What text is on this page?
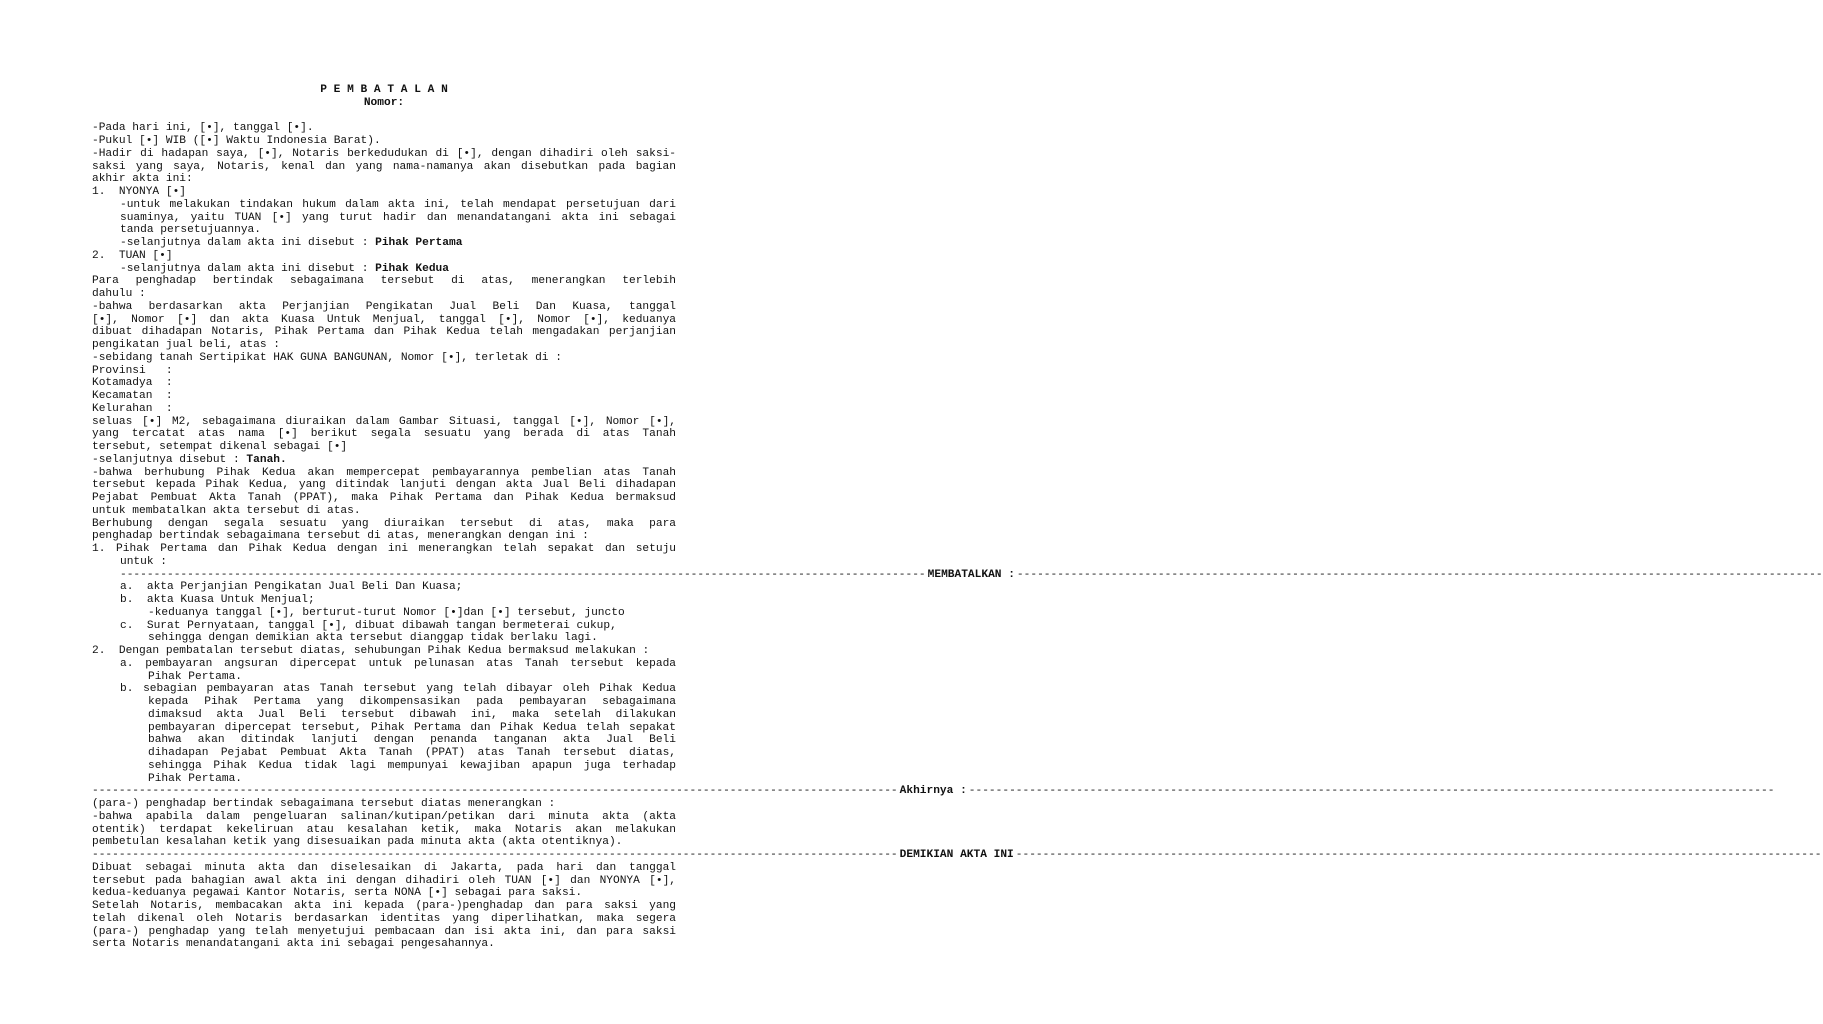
P E M B A T A L A N
Nomor:
-Pada hari ini, [•], tanggal [•].
-Pukul [•] WIB ([•] Waktu Indonesia Barat).
-Hadir di hadapan saya, [•], Notaris berkedudukan di [•], dengan dihadiri oleh saksi-
saksi yang saya, Notaris, kenal dan yang nama-namanya akan disebutkan pada bagian
akhir akta ini:
1.  NYONYA [•]
-untuk melakukan tindakan hukum dalam akta ini, telah mendapat persetujuan dari
suaminya, yaitu TUAN [•] yang turut hadir dan menandatangani akta ini sebagai
tanda persetujuannya.
-selanjutnya dalam akta ini disebut : Pihak Pertama
2.  TUAN [•]
-selanjutnya dalam akta ini disebut : Pihak Kedua
Para penghadap bertindak sebagaimana tersebut di atas, menerangkan terlebih
dahulu :
-bahwa berdasarkan akta Perjanjian Pengikatan Jual Beli Dan Kuasa, tanggal
[•], Nomor [•] dan akta Kuasa Untuk Menjual, tanggal [•], Nomor [•], keduanya
dibuat dihadapan Notaris, Pihak Pertama dan Pihak Kedua telah mengadakan perjanjian
pengikatan jual beli, atas :
-sebidang tanah Sertipikat HAK GUNA BANGUNAN, Nomor [•], terletak di :
Provinsi   :
Kotamadya  :
Kecamatan  :
Kelurahan  :
seluas [•] M2, sebagaimana diuraikan dalam Gambar Situasi, tanggal [•], Nomor [•],
yang tercatat atas nama [•] berikut segala sesuatu yang berada di atas Tanah
tersebut, setempat dikenal sebagai [•]
-selanjutnya disebut : Tanah.
-bahwa berhubung Pihak Kedua akan mempercepat pembayarannya pembelian atas Tanah
tersebut kepada Pihak Kedua, yang ditindak lanjuti dengan akta Jual Beli dihadapan
Pejabat Pembuat Akta Tanah (PPAT), maka Pihak Pertama dan Pihak Kedua bermaksud
untuk membatalkan akta tersebut di atas.
Berhubung dengan segala sesuatu yang diuraikan tersebut di atas, maka para
penghadap bertindak sebagaimana tersebut di atas, menerangkan dengan ini :
1. Pihak Pertama dan Pihak Kedua dengan ini menerangkan telah sepakat dan setuju
untuk :
------------------------------------------------------------------------------------------------------------------------ MEMBATALKAN : ------------------------------------------------------------------------------------------------------------------------
a.  akta Perjanjian Pengikatan Jual Beli Dan Kuasa;
b.  akta Kuasa Untuk Menjual;
-keduanya tanggal [•], berturut-turut Nomor [•]dan [•] tersebut, juncto
c.  Surat Pernyataan, tanggal [•], dibuat dibawah tangan bermeterai cukup,
sehingga dengan demikian akta tersebut dianggap tidak berlaku lagi.
2.  Dengan pembatalan tersebut diatas, sehubungan Pihak Kedua bermaksud melakukan :
a. pembayaran angsuran dipercepat untuk pelunasan atas Tanah tersebut kepada
Pihak Pertama.
b. sebagian pembayaran atas Tanah tersebut yang telah dibayar oleh Pihak Kedua
kepada Pihak Pertama yang dikompensasikan pada pembayaran sebagaimana
dimaksud akta Jual Beli tersebut dibawah ini, maka setelah dilakukan
pembayaran dipercepat tersebut, Pihak Pertama dan Pihak Kedua telah sepakat
bahwa akan ditindak lanjuti dengan penanda tanganan akta Jual Beli
dihadapan Pejabat Pembuat Akta Tanah (PPAT) atas Tanah tersebut diatas,
sehingga Pihak Kedua tidak lagi mempunyai kewajiban apapun juga terhadap
Pihak Pertama.
------------------------------------------------------------------------------------------------------------------------ Akhirnya : ------------------------------------------------------------------------------------------------------------------------
(para-) penghadap bertindak sebagaimana tersebut diatas menerangkan :
-bahwa apabila dalam pengeluaran salinan/kutipan/petikan dari minuta akta (akta
otentik) terdapat kekeliruan atau kesalahan ketik, maka Notaris akan melakukan
pembetulan kesalahan ketik yang disesuaikan pada minuta akta (akta otentiknya).
------------------------------------------------------------------------------------------------------------------------ DEMIKIAN AKTA INI ------------------------------------------------------------------------------------------------------------------------
Dibuat sebagai minuta akta dan diselesaikan di Jakarta, pada hari dan tanggal
tersebut pada bahagian awal akta ini dengan dihadiri oleh TUAN [•] dan NYONYA [•],
kedua-keduanya pegawai Kantor Notaris, serta NONA [•] sebagai para saksi.
Setelah Notaris, membacakan akta ini kepada (para-)penghadap dan para saksi yang
telah dikenal oleh Notaris berdasarkan identitas yang diperlihatkan, maka segera
(para-) penghadap yang telah menyetujui pembacaan dan isi akta ini, dan para saksi
serta Notaris menandatangani akta ini sebagai pengesahannya.
